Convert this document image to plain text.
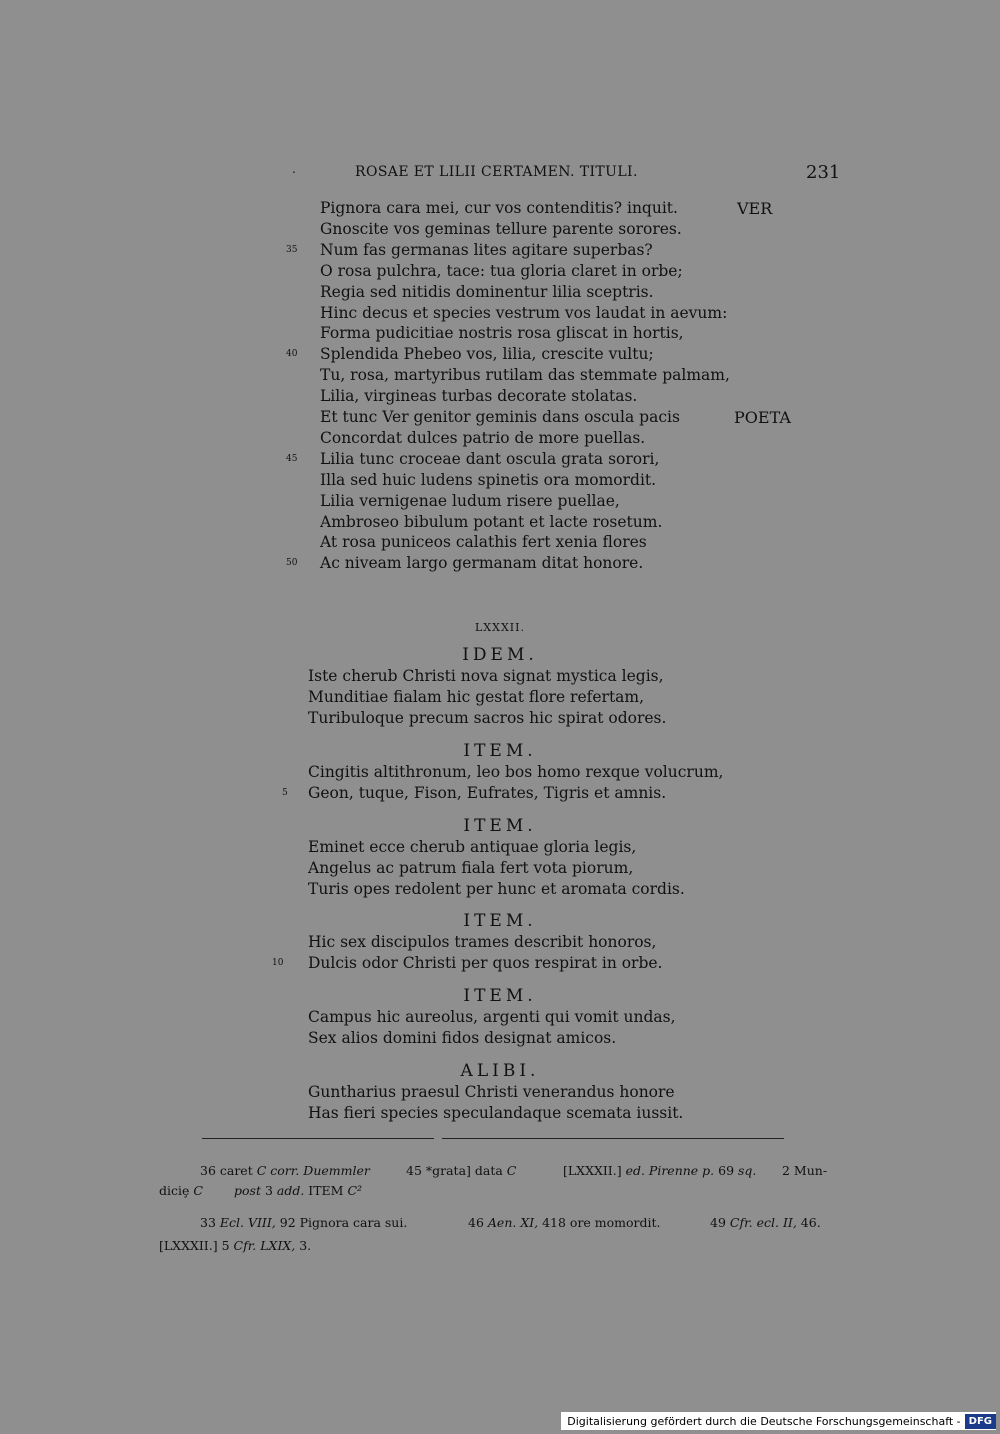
.	ROSAE ET LILII CERTAMEN. TITULI.	231
Pignora cara mei, cur vos contenditis? inquit.	VER
Gnoscite vos geminas tellure parente sorores.
35 Num fas germanas lites agitare superbas?
O rosa pulchra, tace: tua gloria claret in orbe;
Regia sed nitidis dominentur lilia sceptris.
Hinc decus et species vestrum vos laudat in aevum:
Forma pudicitiae nostris rosa gliscat in hortis,
40 Splendida Phebeo vos, lilia, crescite vultu;
Tu, rosa, martyribus rutilam das stemmate palmam,
Lilia, virgineas turbas decorate stolatas.
Et tunc Ver genitor geminis dans oscula pacis	POETA
Concordat dulces patrio de more puellas.
45 Lilia tunc croceae dant oscula grata sorori,
Illa sed huic ludens spinetis ora momordit.
Lilia vernigenae ludum risere puellae,
Ambroseo bibulum potant et lacte rosetum.
At rosa puniceos calathis fert xenia flores
50 Ac niveam largo germanam ditat honore.
LXXXII.
IDEM.
Iste cherub Christi nova signat mystica legis,
Munditiae fialam hic gestat flore refertam,
Turibuloque precum sacros hic spirat odores.
ITEM.
Cingitis altithronum, leo bos homo rexque volucrum,
5 Geon, tuque, Fison, Eufrates, Tigris et amnis.
ITEM.
Eminet ecce cherub antiquae gloria legis,
Angelus ac patrum fiala fert vota piorum,
Turis opes redolent per hunc et aromata cordis.
ITEM.
Hic sex discipulos trames describit honoros,
10 Dulcis odor Christi per quos respirat in orbe.
ITEM.
Campus hic aureolus, argenti qui vomit undas,
Sex alios domini fidos designat amicos.
ALIBI.
Guntharius praesul Christi venerandus honore
Has fieri species speculandaque scemata iussit.
36 caret C corr. Duemmler	45 *grata] data C	[LXXXII.] ed. Pirenne p. 69 sq. 2 Mun-
diciȩ C post 3 add. ITEM C²
33 Ecl. VIII, 92 Pignora cara sui.	46 Aen. XI, 418 ore momordit.	49 Cfr. ecl. II, 46.
[LXXXII.] 5 Cfr. LXIX, 3.
Digitalisierung gefördert durch die Deutsche Forschungsgemeinschaft - DFG
